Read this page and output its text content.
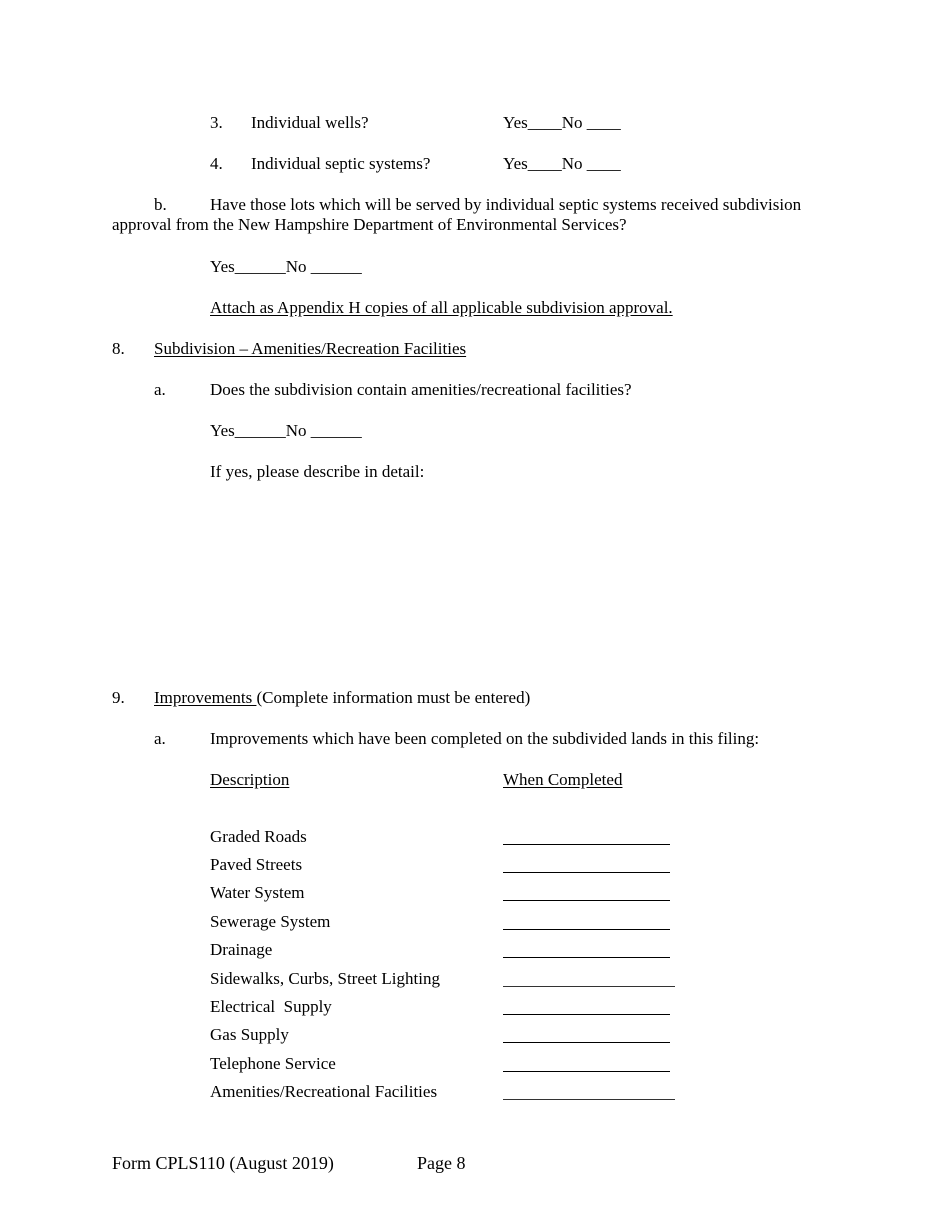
3. Individual wells?	Yes____No ____
4. Individual septic systems?	Yes____No ____
b.	Have those lots which will be served by individual septic systems received subdivision
approval from the New Hampshire Department of Environmental Services?
Yes______No ______
Attach as Appendix H copies of all applicable subdivision approval.
8. Subdivision – Amenities/Recreation Facilities
a.	Does the subdivision contain amenities/recreational facilities?
Yes______No ______
If yes, please describe in detail:
9. Improvements (Complete information must be entered)
a.	Improvements which have been completed on the subdivided lands in this filing:
Description	When Completed
Graded Roads
Paved Streets
Water System
Sewerage System
Drainage
Sidewalks, Curbs, Street Lighting
Electrical  Supply
Gas Supply
Telephone Service
Amenities/Recreational Facilities
Form CPLS110 (August 2019)	Page 8
